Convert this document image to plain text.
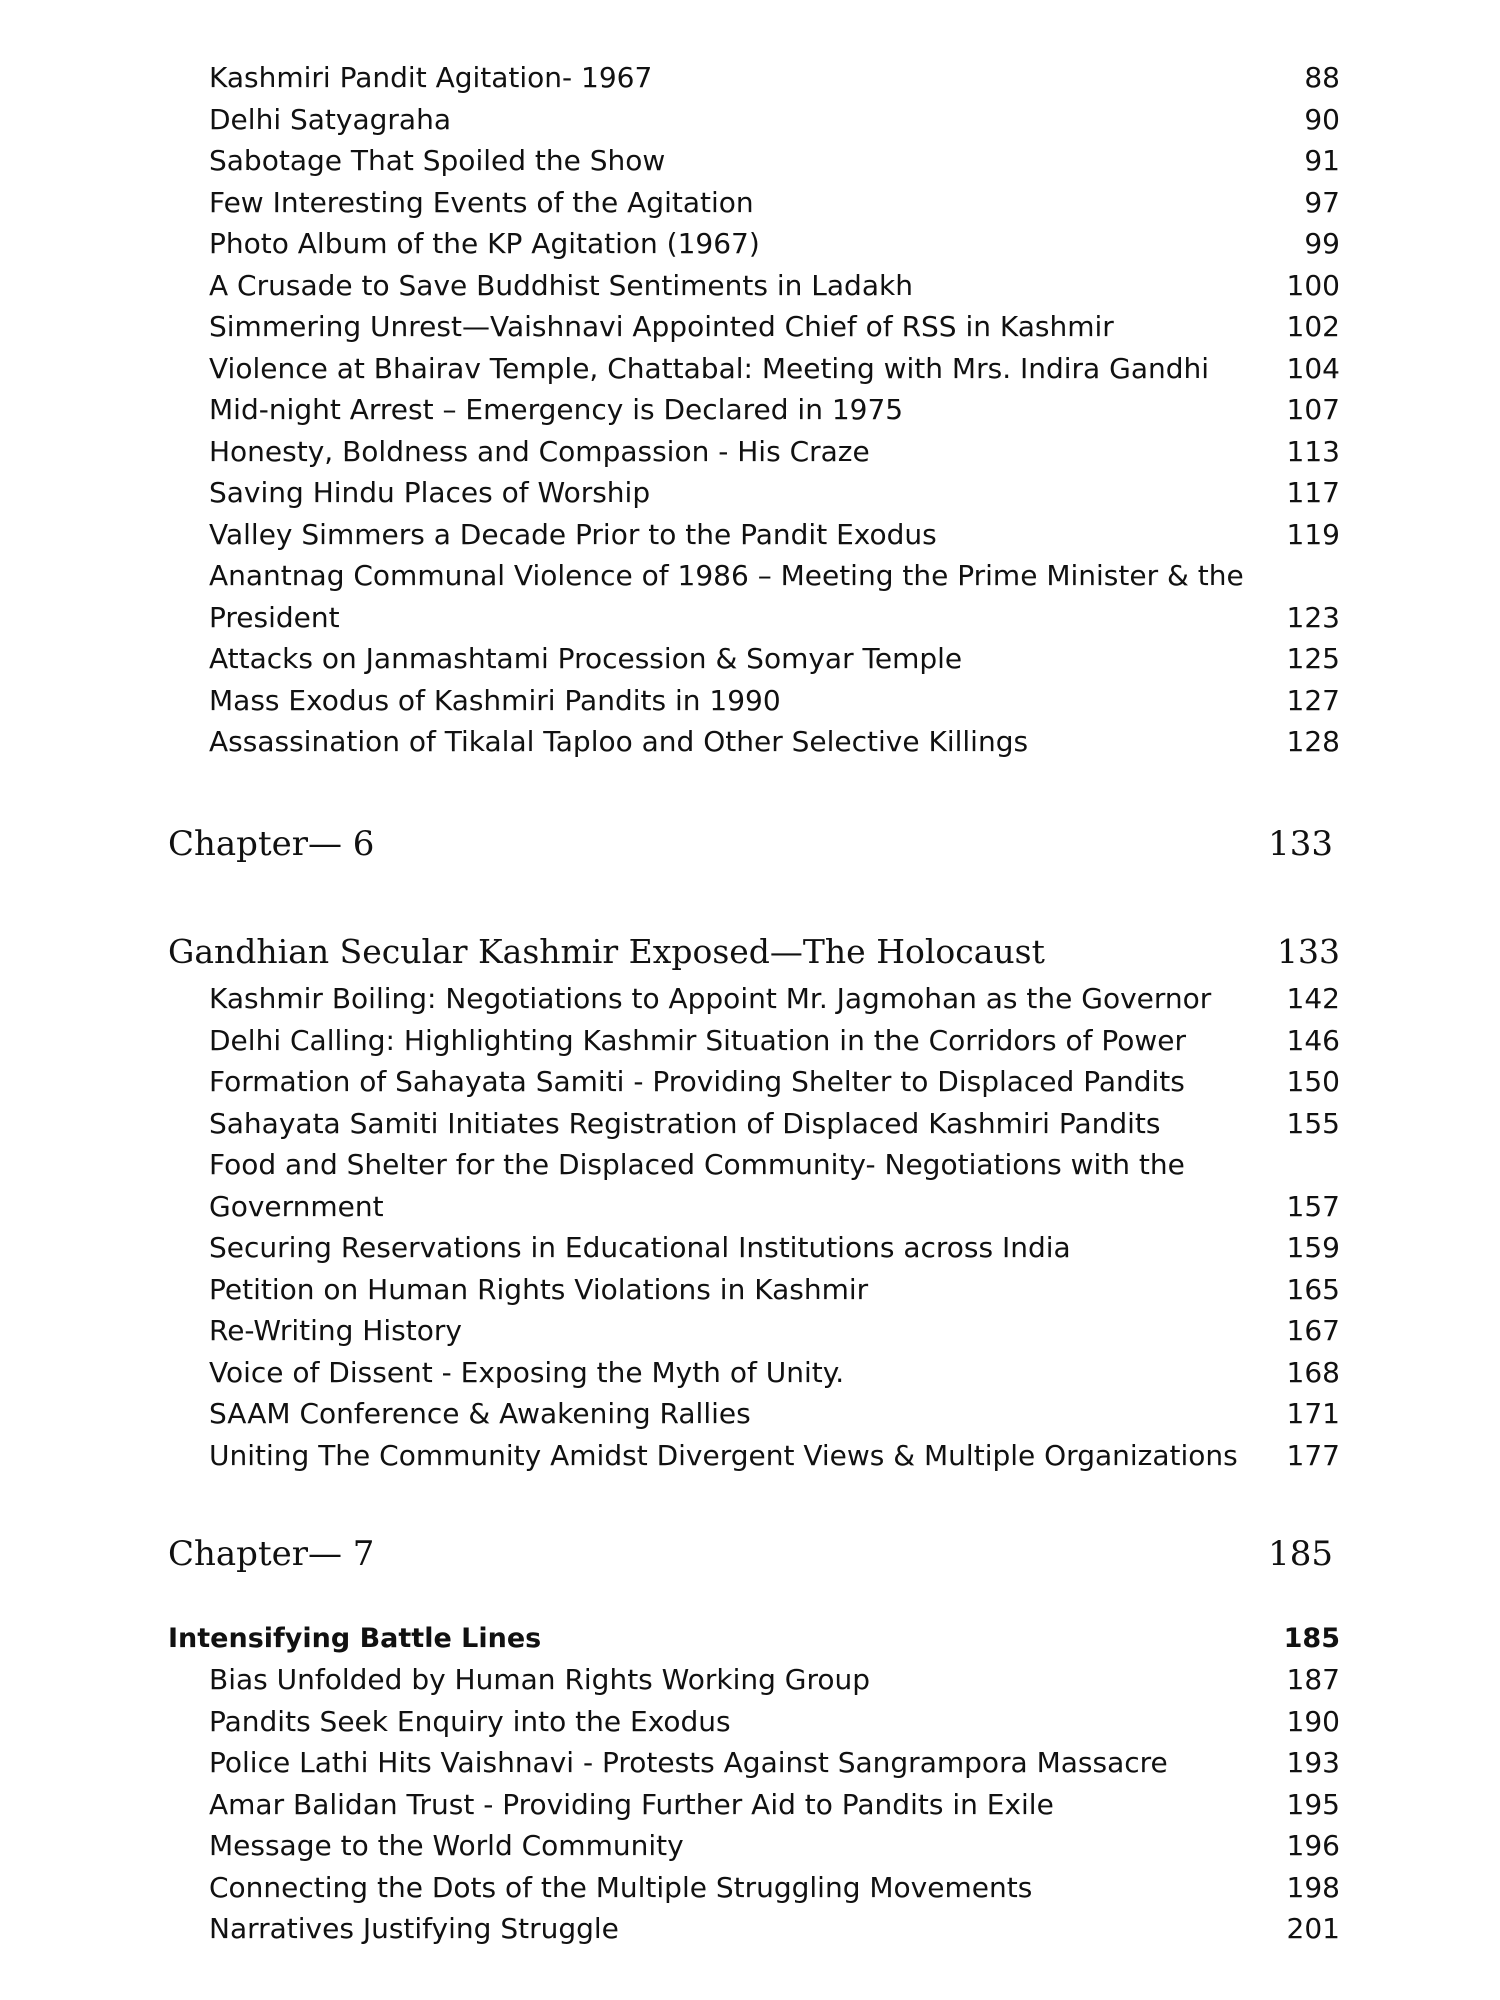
Kashmiri Pandit Agitation- 1967	88
Delhi Satyagraha	90
Sabotage That Spoiled the Show	91
Few Interesting Events of the Agitation	97
Photo Album of the KP Agitation (1967)	99
A Crusade to Save Buddhist Sentiments in Ladakh	100
Simmering Unrest—Vaishnavi Appointed Chief of RSS in Kashmir	102
Violence at Bhairav Temple, Chattabal: Meeting with Mrs. Indira Gandhi	104
Mid-night Arrest – Emergency is Declared in 1975	107
Honesty, Boldness and Compassion - His Craze	113
Saving Hindu Places of Worship	117
Valley Simmers a Decade Prior to the Pandit Exodus	119
Anantnag Communal Violence of 1986 – Meeting the Prime Minister & the President	123
Attacks on Janmashtami Procession & Somyar Temple	125
Mass Exodus of Kashmiri Pandits in 1990	127
Assassination of Tikalal Taploo and Other Selective Killings	128
Chapter— 6	133
Gandhian Secular Kashmir Exposed—The Holocaust	133
Kashmir Boiling: Negotiations to Appoint Mr. Jagmohan as the Governor	142
Delhi Calling: Highlighting Kashmir Situation in the Corridors of Power	146
Formation of Sahayata Samiti - Providing Shelter to Displaced Pandits	150
Sahayata Samiti Initiates Registration of Displaced Kashmiri Pandits	155
Food and Shelter for the Displaced Community- Negotiations with the Government	157
Securing Reservations in Educational Institutions across India	159
Petition on Human Rights Violations in Kashmir	165
Re-Writing History	167
Voice of Dissent - Exposing the Myth of Unity.	168
SAAM Conference & Awakening Rallies	171
Uniting The Community Amidst Divergent Views & Multiple Organizations 177
Chapter— 7	185
Intensifying Battle Lines	185
Bias Unfolded by Human Rights Working Group	187
Pandits Seek Enquiry into the Exodus	190
Police Lathi Hits Vaishnavi - Protests Against Sangrampora Massacre	193
Amar Balidan Trust - Providing Further Aid to Pandits in Exile	195
Message to the World Community	196
Connecting the Dots of the Multiple Struggling Movements	198
Narratives Justifying Struggle	201
